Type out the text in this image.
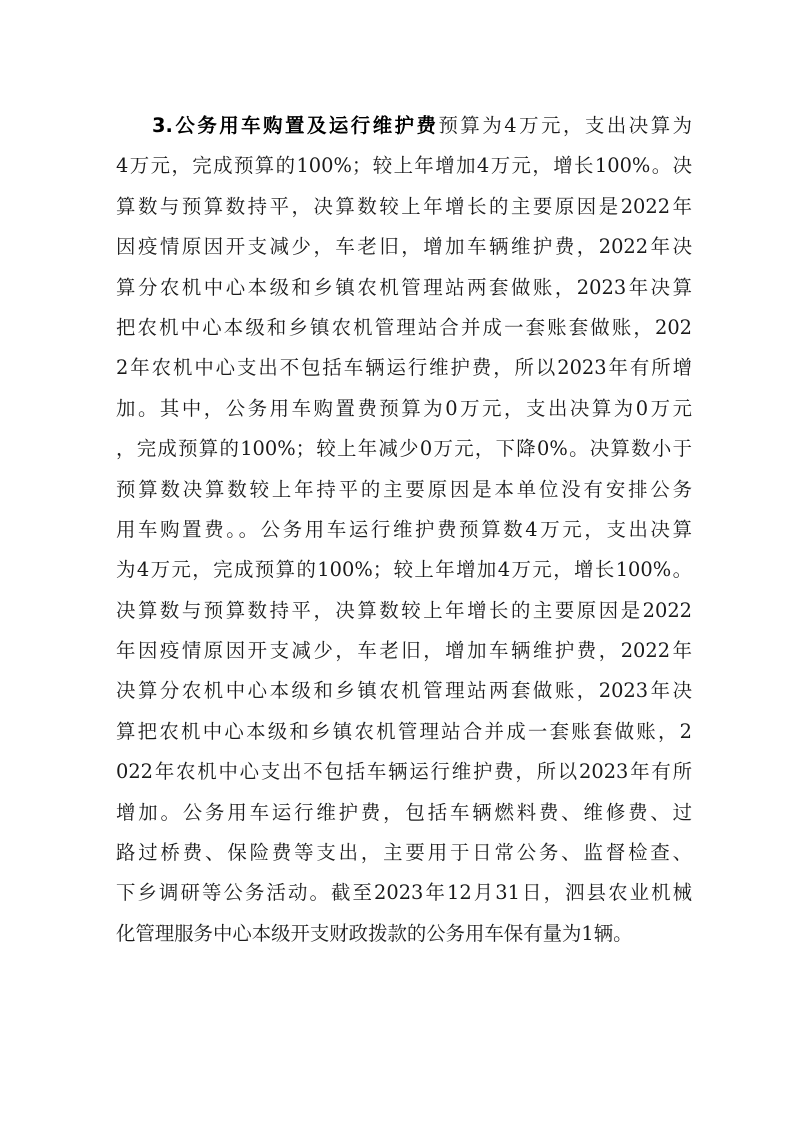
3.公务用车购置及运行维护费预算为4万元，支出决算为
4万元，完成预算的100%；较上年增加4万元，增长100%。决
算数与预算数持平，决算数较上年增长的主要原因是2022年
因疫情原因开支减少，车老旧，增加车辆维护费，2022年决
算分农机中心本级和乡镇农机管理站两套做账，2023年决算
把农机中心本级和乡镇农机管理站合并成一套账套做账，202
2年农机中心支出不包括车辆运行维护费，所以2023年有所增
加。其中，公务用车购置费预算为0万元，支出决算为0万元
，完成预算的100%；较上年减少0万元，下降0%。决算数小于
预算数决算数较上年持平的主要原因是本单位没有安排公务
用车购置费。。公务用车运行维护费预算数4万元，支出决算
为4万元，完成预算的100%；较上年增加4万元，增长100%。
决算数与预算数持平，决算数较上年增长的主要原因是2022
年因疫情原因开支减少，车老旧，增加车辆维护费，2022年
决算分农机中心本级和乡镇农机管理站两套做账，2023年决
算把农机中心本级和乡镇农机管理站合并成一套账套做账，2
022年农机中心支出不包括车辆运行维护费，所以2023年有所
增加。公务用车运行维护费，包括车辆燃料费、维修费、过
路过桥费、保险费等支出，主要用于日常公务、监督检查、
下乡调研等公务活动。截至2023年12月31日，泗县农业机械
化管理服务中心本级开支财政拨款的公务用车保有量为1辆。
